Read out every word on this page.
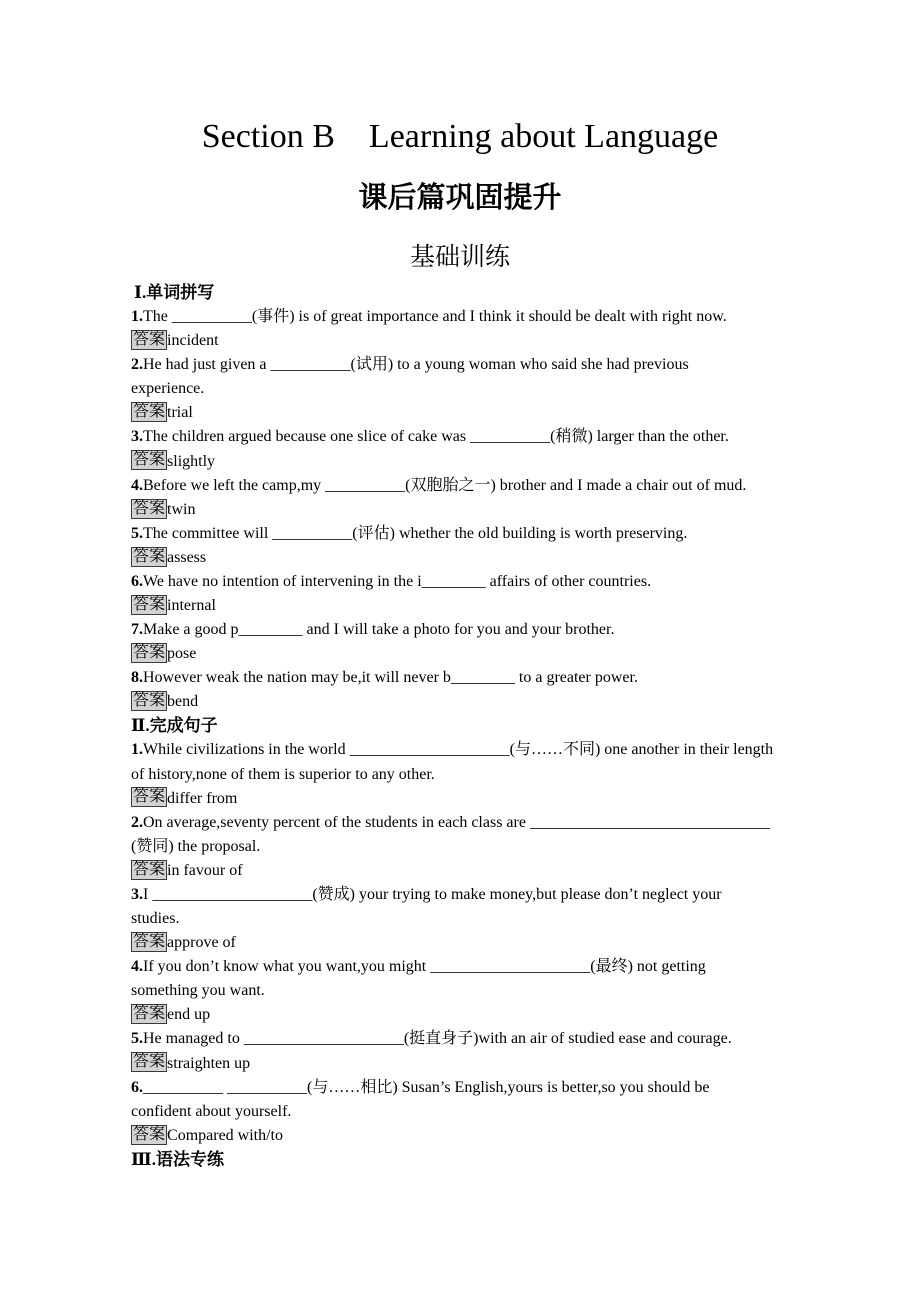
Section B　Learning about Language
课后篇巩固提升
基础训练
Ⅰ.单词拼写
1.The __________(事件) is of great importance and I think it should be dealt with right now.
答案 incident
2.He had just given a __________(试用) to a young woman who said she had previous
experience.
答案 trial
3.The children argued because one slice of cake was __________(稍微) larger than the other.
答案 slightly
4.Before we left the camp,my __________(双胞胎之一) brother and I made a chair out of mud.
答案 twin
5.The committee will __________(评估) whether the old building is worth preserving.
答案 assess
6.We have no intention of intervening in the i________ affairs of other countries.
答案 internal
7.Make a good p________ and I will take a photo for you and your brother.
答案 pose
8.However weak the nation may be,it will never b________ to a greater power.
答案 bend
Ⅱ.完成句子
1.While civilizations in the world ____________________(与……不同) one another in their length
of history,none of them is superior to any other.
答案 differ from
2.On average,seventy percent of the students in each class are ______________________________
(赞同) the proposal.
答案 in favour of
3.I ____________________(赞成) your trying to make money,but please don’t neglect your
studies.
答案 approve of
4.If you don’t know what you want,you might ____________________(最终) not getting
something you want.
答案 end up
5.He managed to ____________________(挺直身子)with an air of studied ease and courage.
答案 straighten up
6.__________ __________(与……相比) Susan’s English,yours is better,so you should be
confident about yourself.
答案 Compared with/to
Ⅲ.语法专练
